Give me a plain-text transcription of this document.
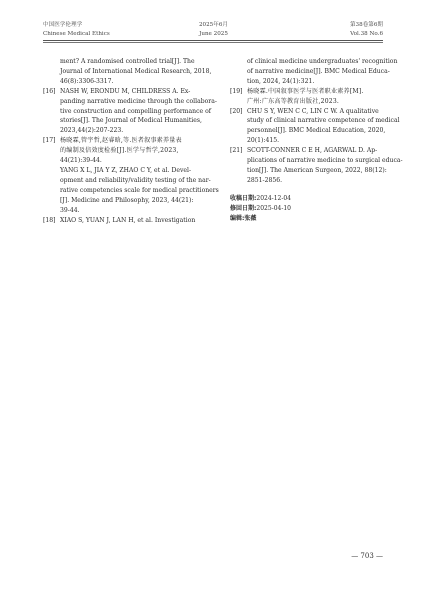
中国医学伦理学
Chinese Medical Ethics
2025年6月
June 2025
第38卷第6期
Vol.38 No.6
ment? A randomised controlled trial[J]. The
Journal of International Medical Research, 2018,
46(8):3306-3317.
[16] NASH W, ERONDU M, CHILDRESS A. Ex-
panding narrative medicine through the collabora-
tive construction and compelling performance of
stories[J]. The Journal of Medical Humanities,
2023,44(2):207-223.
[17] 杨晓霖,管宇哲,赵睿晗,等.医者叙事素养量表
的编制及信效度检验[J].医学与哲学,2023,
44(21):39-44.
YANG X L, JIA Y Z, ZHAO C Y, et al. Devel-
opment and reliability/validity testing of the nar-
rative competencies scale for medical practitioners
[J]. Medicine and Philosophy, 2023, 44(21):
39-44.
[18] XIAO S, YUAN J, LAN H, et al. Investigation
of clinical medicine undergraduates' recognition
of narrative medicine[J]. BMC Medical Educa-
tion, 2024, 24(1):321.
[19] 杨晓霖.中国叙事医学与医者职业素养[M].
广州:广东高等教育出版社,2023.
[20] CHU S Y, WEN C C, LIN C W. A qualitative
study of clinical narrative competence of medical
personnel[J]. BMC Medical Education, 2020,
20(1):415.
[21] SCOTT-CONNER C E H, AGARWAL D. Ap-
plications of narrative medicine to surgical educa-
tion[J]. The American Surgeon, 2022, 88(12):
2851-2856.
收稿日期:2024-12-04
修回日期:2025-04-10
编辑:张薇
— 703 —
